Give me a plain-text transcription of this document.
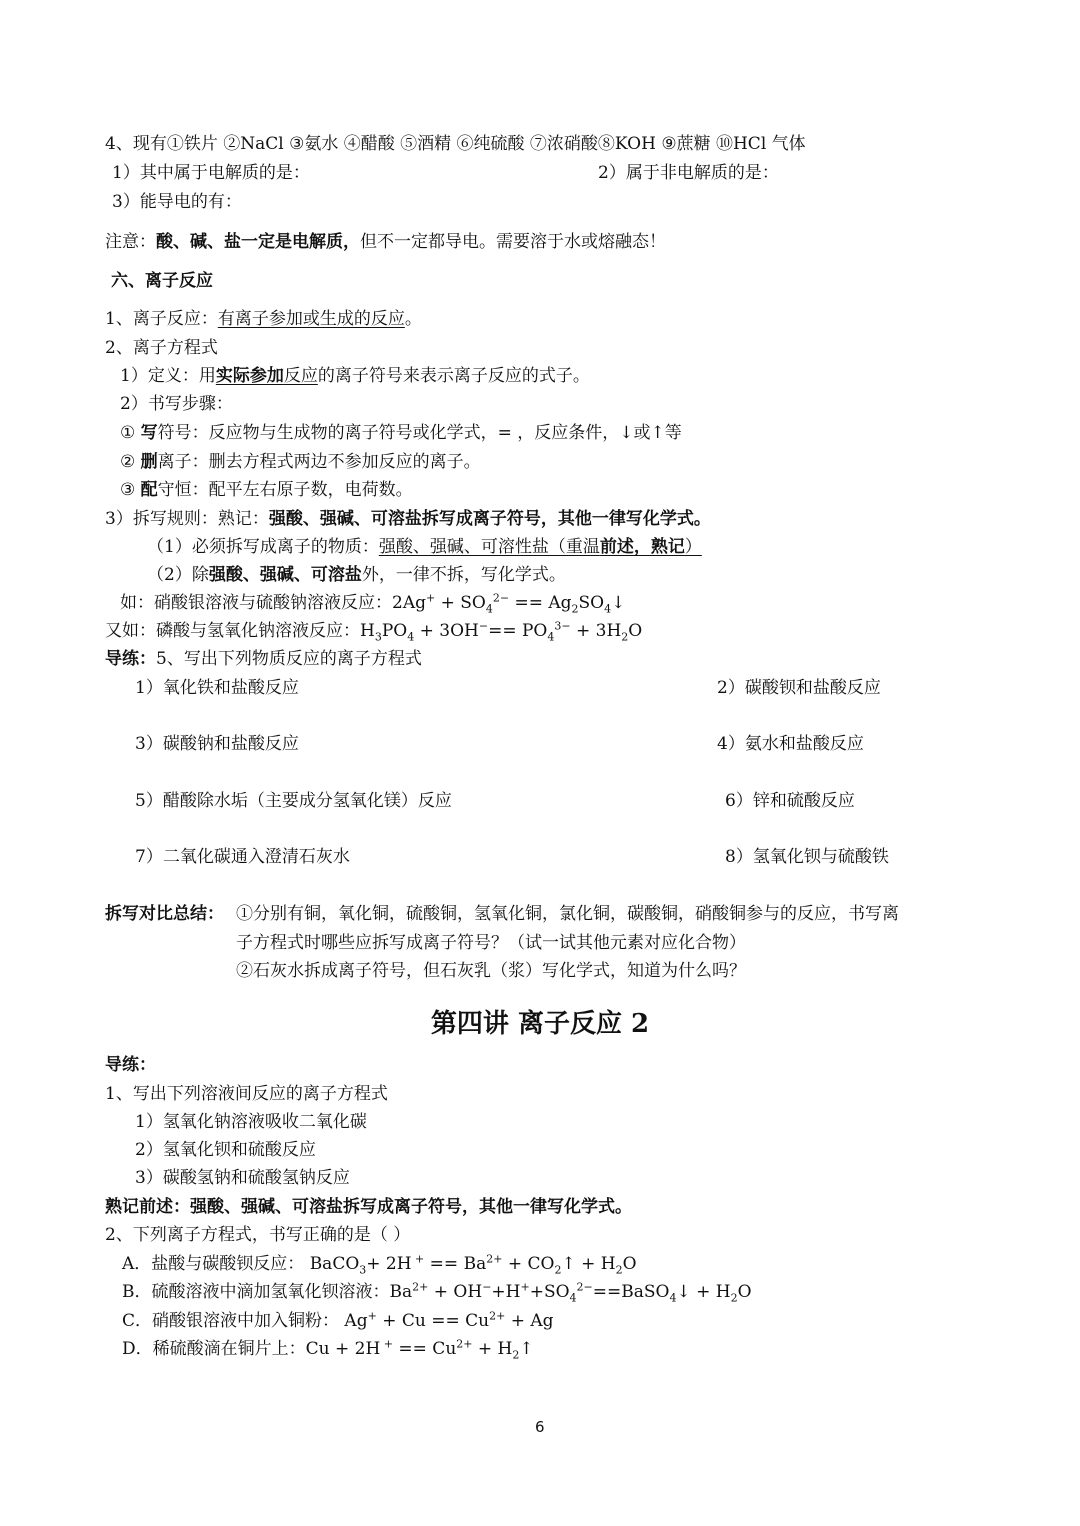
4、现有①铁片 ②NaCl ③氨水 ④醋酸 ⑤酒精 ⑥纯硫酸 ⑦浓硝酸⑧KOH ⑨蔗糖 ⑩HCl 气体
1）其中属于电解质的是：	2）属于非电解质的是：
3）能导电的有：
注意：酸、碱、盐一定是电解质，但不一定都导电。需要溶于水或熔融态！
六、离子反应
1、离子反应：有离子参加或生成的反应。
2、离子方程式
1）定义：用实际参加反应的离子符号来表示离子反应的式子。
2）书写步骤：
① 写符号：反应物与生成物的离子符号或化学式，= ，反应条件，↓或↑等
② 删离子：删去方程式两边不参加反应的离子。
③ 配守恒：配平左右原子数，电荷数。
3）拆写规则：熟记：强酸、强碱、可溶盐拆写成离子符号，其他一律写化学式。
（1）必须拆写成离子的物质：强酸、强碱、可溶性盐（重温前述，熟记）
（2）除强酸、强碱、可溶盐外，一律不拆，写化学式。
如：硝酸银溶液与硫酸钠溶液反应：$2Ag^+ + SO_4^{2-}$ == $Ag_2SO_4↓$
又如：磷酸与氢氧化钠溶液反应：$H_3PO_4 + 3OH^-== PO_4^{3-} + 3H_2O$
导练：5、写出下列物质反应的离子方程式
1）氧化铁和盐酸反应	2）碳酸钡和盐酸反应
3）碳酸钠和盐酸反应	4）氨水和盐酸反应
5）醋酸除水垢（主要成分氢氧化镁）反应	6）锌和硫酸反应
7）二氧化碳通入澄清石灰水	8）氢氧化钡与硫酸铁
拆写对比总结： ①分别有铜，氧化铜，硫酸铜，氢氧化铜，氯化铜，碳酸铜，硝酸铜参与的反应，书写离
子方程式时哪些应拆写成离子符号？（试一试其他元素对应化合物）
②石灰水拆成离子符号，但石灰乳（浆）写化学式，知道为什么吗？
第四讲 离子反应 2
导练：
1、写出下列溶液间反应的离子方程式
1）氢氧化钠溶液吸收二氧化碳
2）氢氧化钡和硫酸反应
3）碳酸氢钠和硫酸氢钠反应
熟记前述：强酸、强碱、可溶盐拆写成离子符号，其他一律写化学式。
2、下列离子方程式，书写正确的是（ ）
A．盐酸与碳酸钡反应： BaCO$_3$+ 2H $^+ == Ba^{2+}$ + $CO_2↑ + H_2O$
B．硫酸溶液中滴加氢氧化钡溶液：$Ba^{2+}$ + $OH^-+H^++SO_4^{2-}==BaSO_4↓ + H_2O$
C．硝酸银溶液中加入铜粉： $Ag^+ + Cu == Cu^{2+} + Ag$
D．稀硫酸滴在铜片上：Cu + 2H $^+ == Cu^{2+}$ + $H_2↑$
6
